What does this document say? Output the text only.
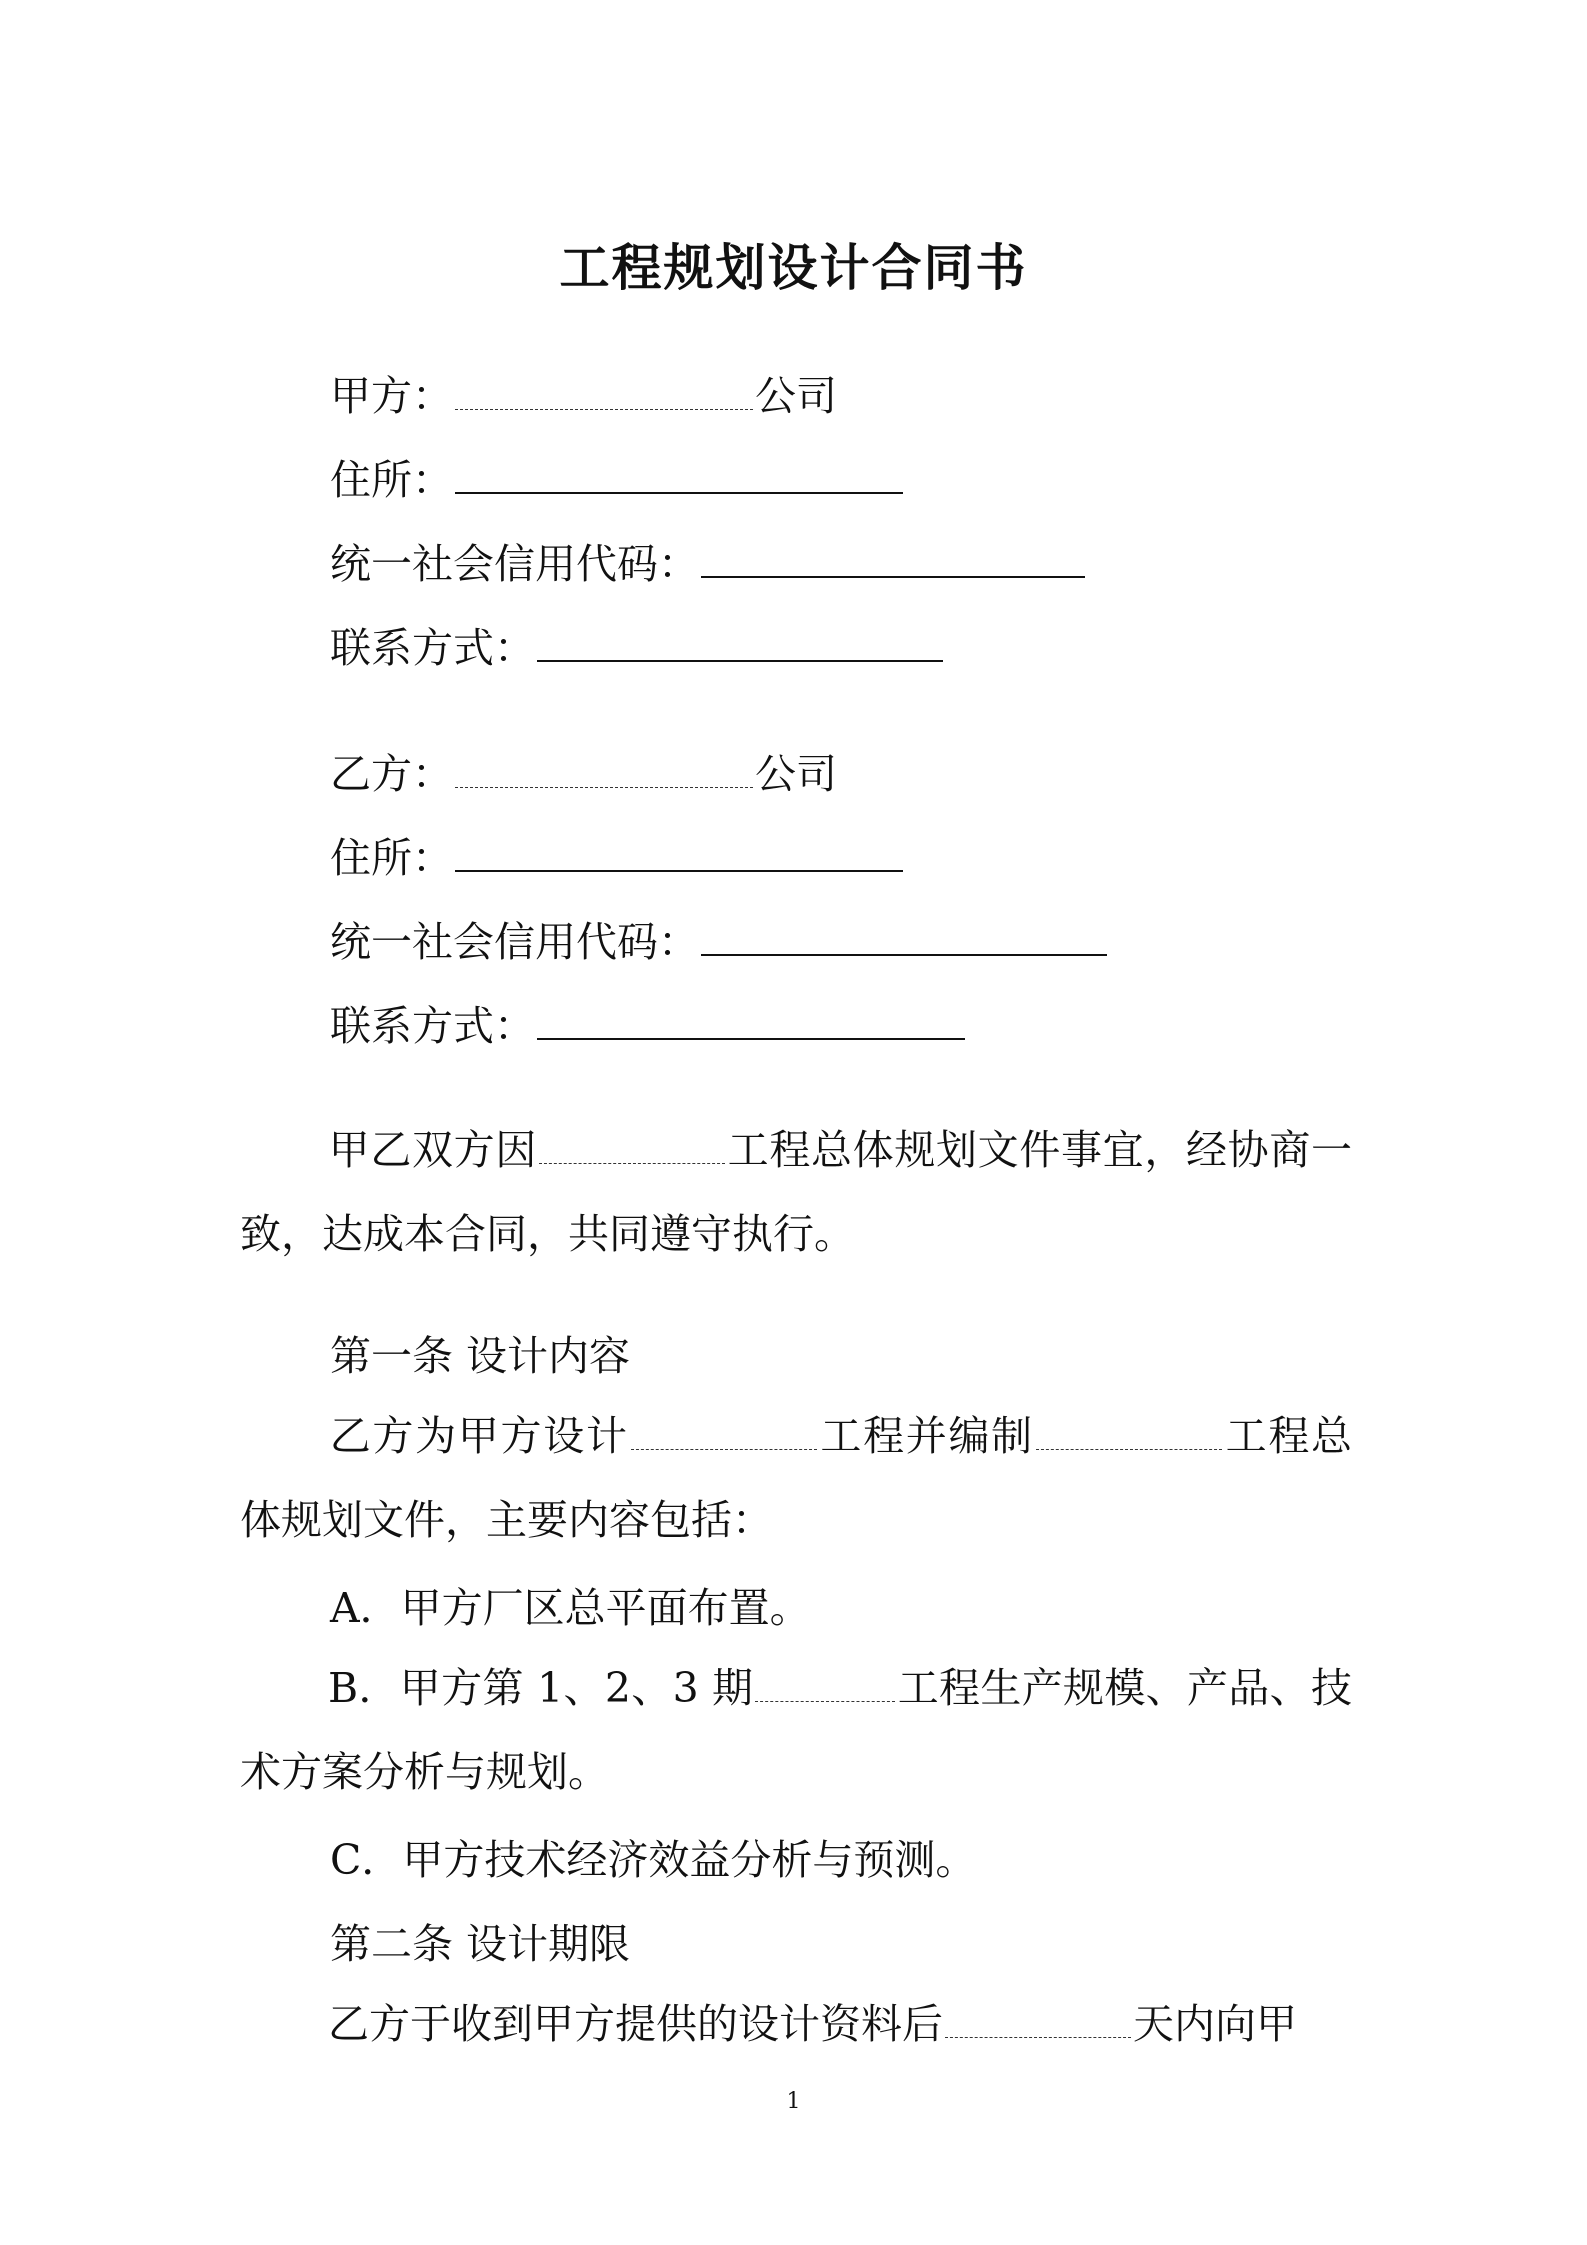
工程规划设计合同书
甲方：	公司
住所：
统一社会信用代码：
联系方式：
乙方：	公司
住所：
统一社会信用代码：
联系方式：
甲乙双方因	工程总体规划文件事宜，经协商一致，达成本合同，共同遵守执行。
第一条 设计内容
乙方为甲方设计	工程并编制	工程总体规划文件，主要内容包括：
A．甲方厂区总平面布置。
B．甲方第 1、2、3 期	工程生产规模、产品、技术方案分析与规划。
C．甲方技术经济效益分析与预测。
第二条 设计期限
乙方于收到甲方提供的设计资料后	天内向甲
1
